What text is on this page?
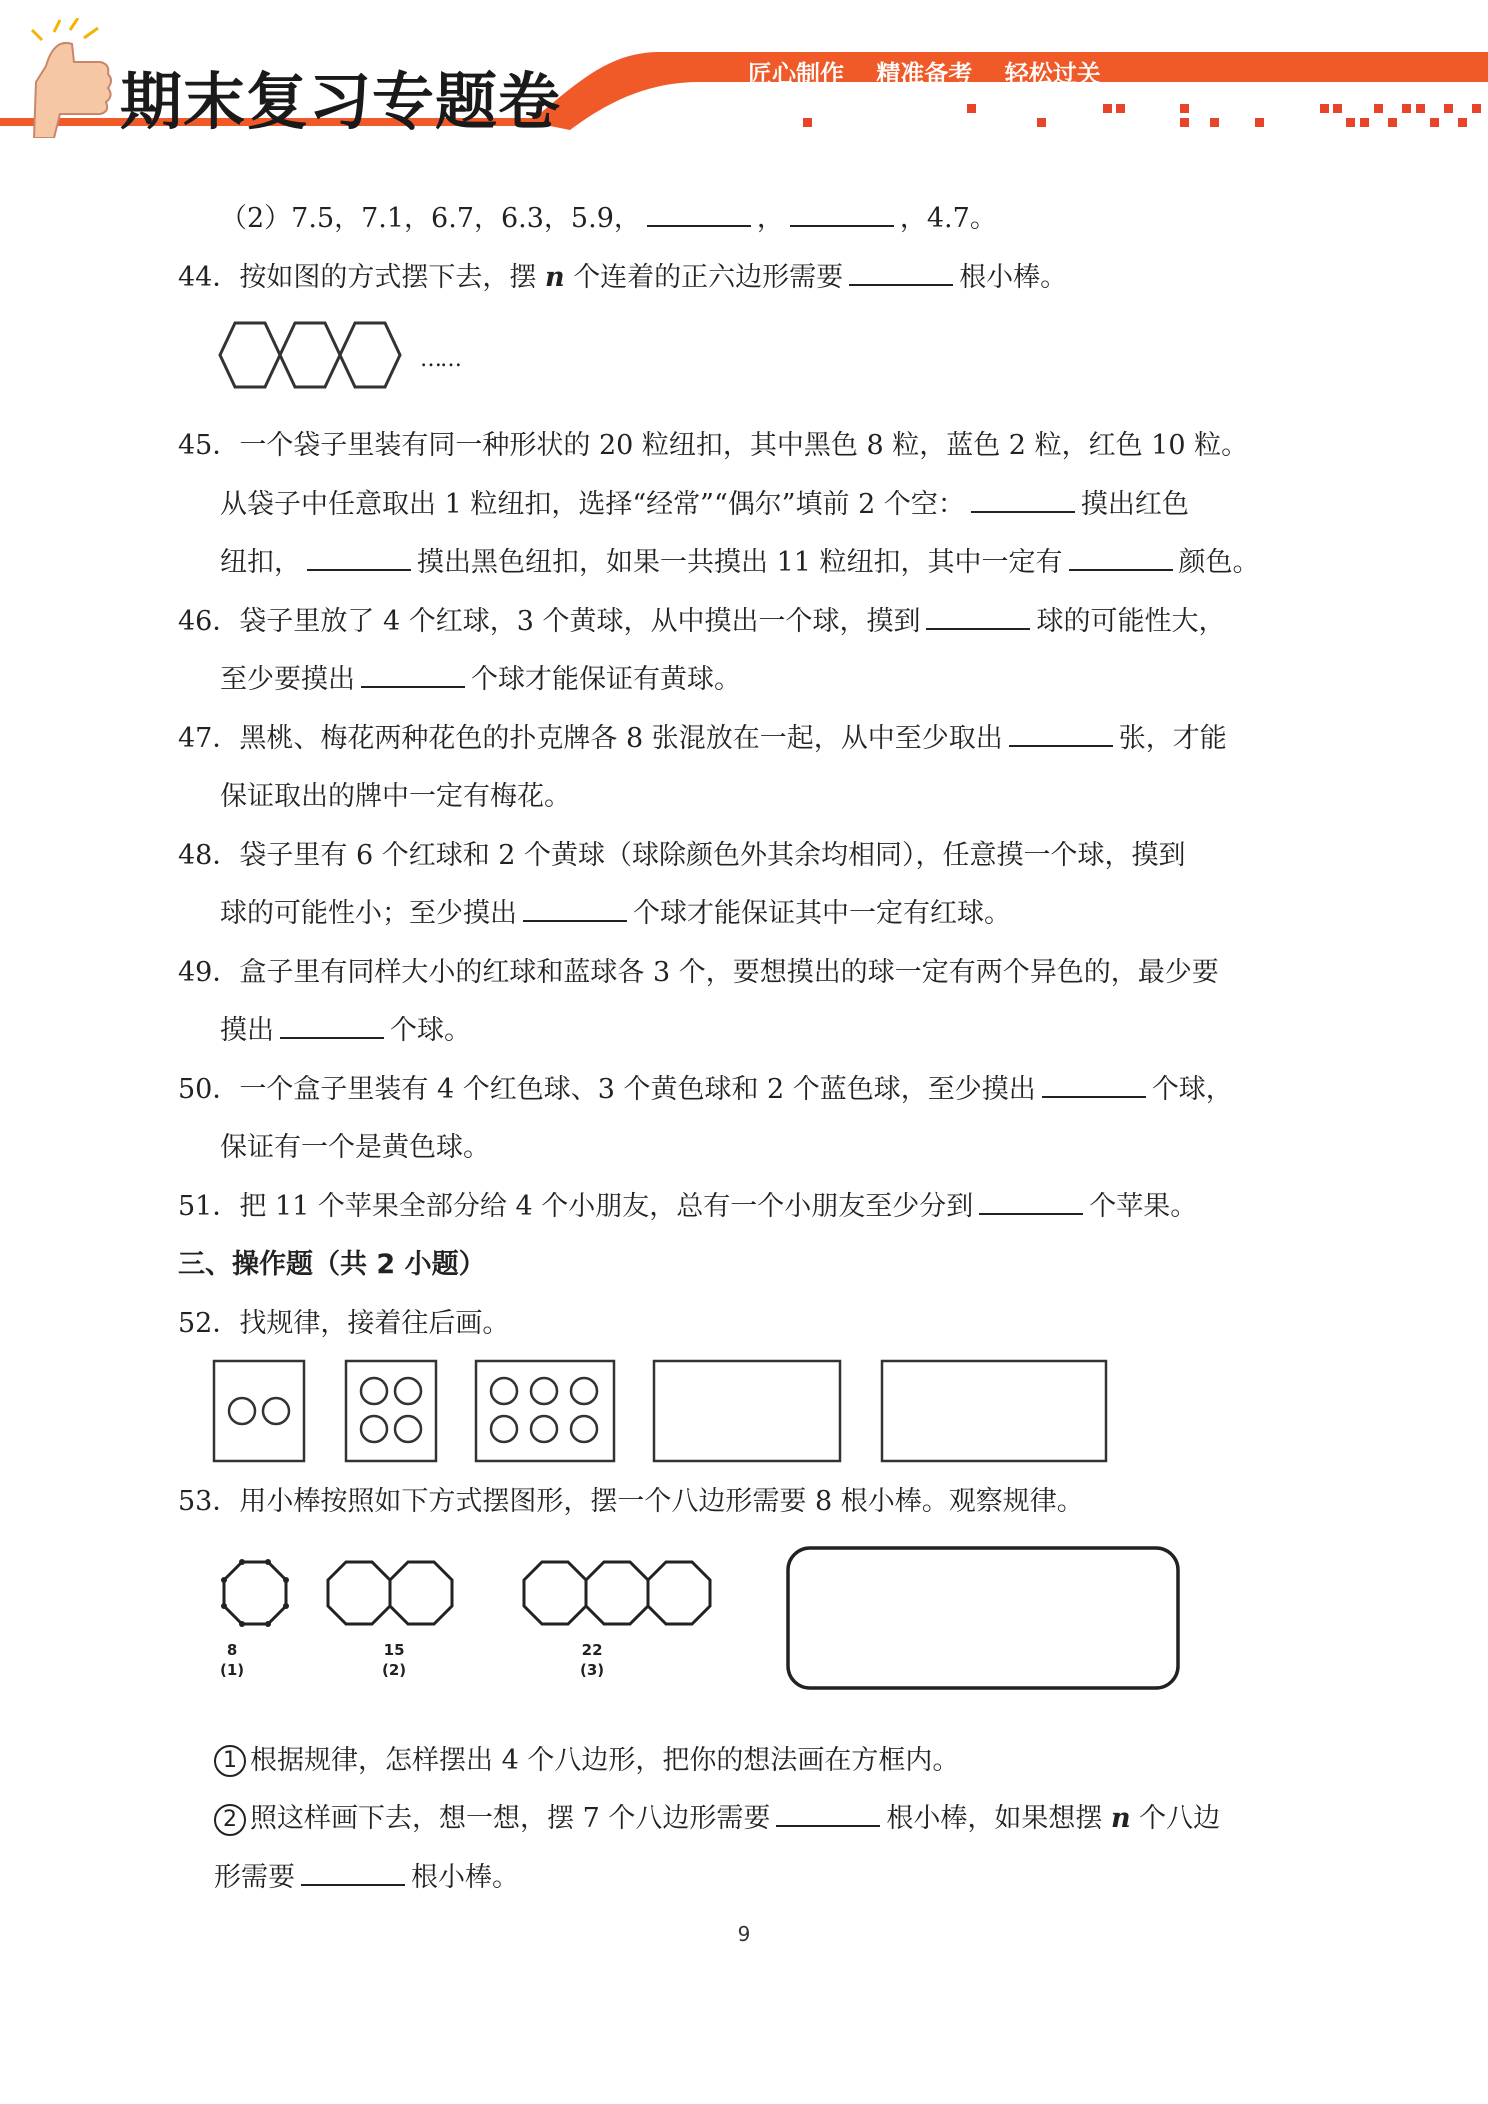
期末复习专题卷	匠心制作 精准备考 轻松过关
（2）7.5，7.1，6.7，6.3，5.9，	，	，4.7。
44．按如图的方式摆下去，摆 n 个连着的正六边形需要	根小棒。
……
45．一个袋子里装有同一种形状的 20 粒纽扣，其中黑色 8 粒，蓝色 2 粒，红色 10 粒。
从袋子中任意取出 1 粒纽扣，选择“经常”“偶尔”填前 2 个空：	摸出红色
纽扣，	摸出黑色纽扣，如果一共摸出 11 粒纽扣，其中一定有	颜色。
46．袋子里放了 4 个红球，3 个黄球，从中摸出一个球，摸到	球的可能性大，
至少要摸出	个球才能保证有黄球。
47．黑桃、梅花两种花色的扑克牌各 8 张混放在一起，从中至少取出	张，才能
保证取出的牌中一定有梅花。
48．袋子里有 6 个红球和 2 个黄球（球除颜色外其余均相同），任意摸一个球，摸到
球的可能性小；至少摸出	个球才能保证其中一定有红球。
49．盒子里有同样大小的红球和蓝球各 3 个，要想摸出的球一定有两个异色的，最少要
摸出	个球。
50．一个盒子里装有 4 个红色球、3 个黄色球和 2 个蓝色球，至少摸出	个球，
保证有一个是黄色球。
51．把 11 个苹果全部分给 4 个小朋友，总有一个小朋友至少分到	个苹果。
三、操作题（共 2 小题）
52．找规律，接着往后画。
53．用小棒按照如下方式摆图形，摆一个八边形需要 8 根小棒。观察规律。
8
(1)
15
(2)
22
(3)
1 根据规律，怎样摆出 4 个八边形，把你的想法画在方框内。
2 照这样画下去，想一想，摆 7 个八边形需要	根小棒，如果想摆 n 个八边
形需要	根小棒。
9
